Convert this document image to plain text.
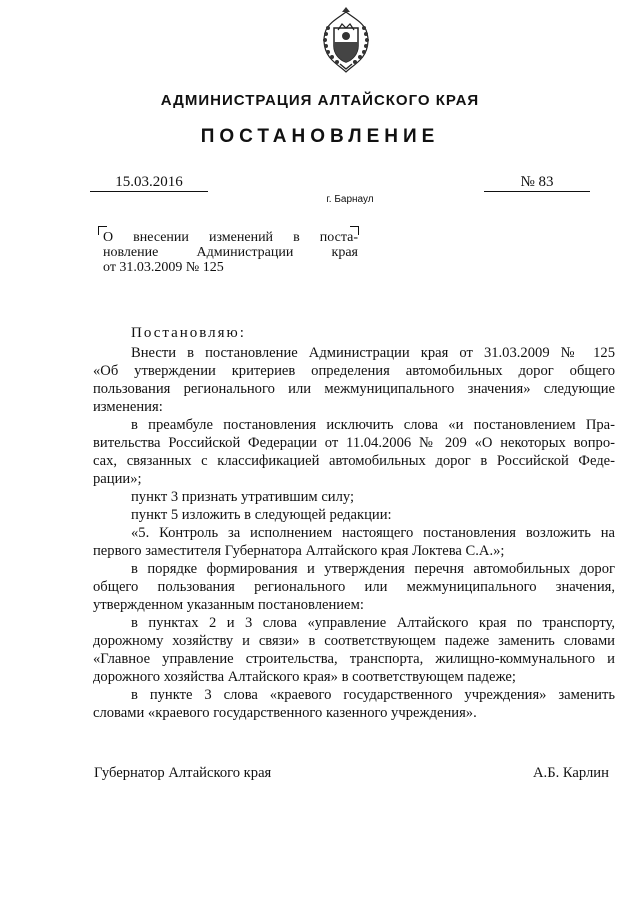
АДМИНИСТРАЦИЯ АЛТАЙСКОГО КРАЯ
ПОСТАНОВЛЕНИЕ
15.03.2016	№ 83
г. Барнаул
О внесении изменений в поста-
новление Администрации края
от 31.03.2009 № 125
Постановляю:
Внести в постановление Администрации края от 31.03.2009 № 125
«Об утверждении критериев определения автомобильных дорог общего
пользования регионального или межмуниципального значения» следующие
изменения:
в преамбуле постановления исключить слова «и постановлением Пра-
вительства Российской Федерации от 11.04.2006 № 209 «О некоторых вопро-
сах, связанных с классификацией автомобильных дорог в Российской Феде-
рации»;
пункт 3 признать утратившим силу;
пункт 5 изложить в следующей редакции:
«5. Контроль за исполнением настоящего постановления возложить на
первого заместителя Губернатора Алтайского края Локтева С.А.»;
в порядке формирования и утверждения перечня автомобильных дорог
общего пользования регионального или межмуниципального значения,
утвержденном указанным постановлением:
в пунктах 2 и 3 слова «управление Алтайского края по транспорту,
дорожному хозяйству и связи» в соответствующем падеже заменить словами
«Главное управление строительства, транспорта, жилищно-коммунального и
дорожного хозяйства Алтайского края» в соответствующем падеже;
в пункте 3 слова «краевого государственного учреждения» заменить
словами «краевого государственного казенного учреждения».
Губернатор Алтайского края	А.Б. Карлин
